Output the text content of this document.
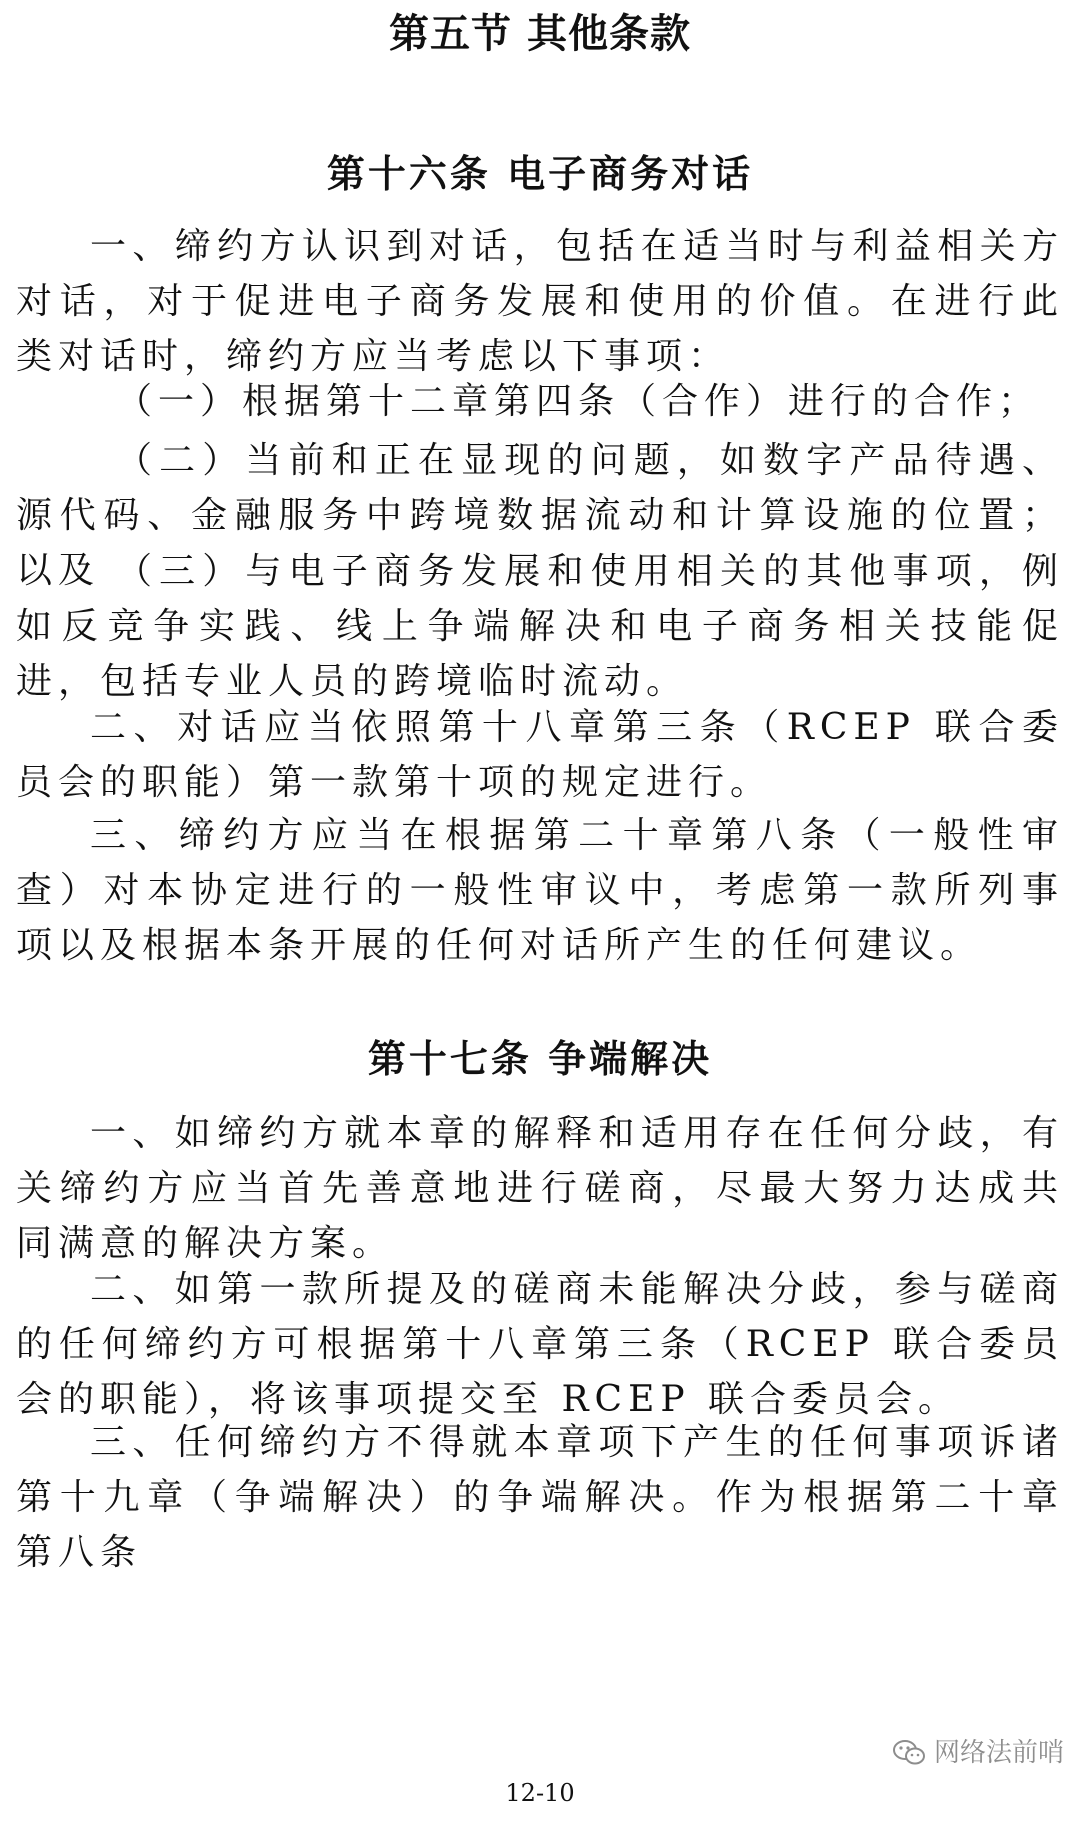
第五节 其他条款
第十六条 电子商务对话
一、缔约方认识到对话，包括在适当时与利益相关方对话，对于促进电子商务发展和使用的价值。在进行此类对话时，缔约方应当考虑以下事项：
（一）根据第十二章第四条（合作）进行的合作；
（二）当前和正在显现的问题，如数字产品待遇、源代码、金融服务中跨境数据流动和计算设施的位置；以及 （三）与电子商务发展和使用相关的其他事项，例如反竞争实践、线上争端解决和电子商务相关技能促进，包括专业人员的跨境临时流动。
二、对话应当依照第十八章第三条（RCEP 联合委员会的职能）第一款第十项的规定进行。
三、缔约方应当在根据第二十章第八条（一般性审查）对本协定进行的一般性审议中，考虑第一款所列事项以及根据本条开展的任何对话所产生的任何建议。
第十七条 争端解决
一、如缔约方就本章的解释和适用存在任何分歧，有关缔约方应当首先善意地进行磋商，尽最大努力达成共同满意的解决方案。
二、如第一款所提及的磋商未能解决分歧，参与磋商的任何缔约方可根据第十八章第三条（RCEP 联合委员会的职能），将该事项提交至 RCEP 联合委员会。
三、任何缔约方不得就本章项下产生的任何事项诉诸第十九章（争端解决）的争端解决。作为根据第二十章第八条
网络法前哨
12-10
